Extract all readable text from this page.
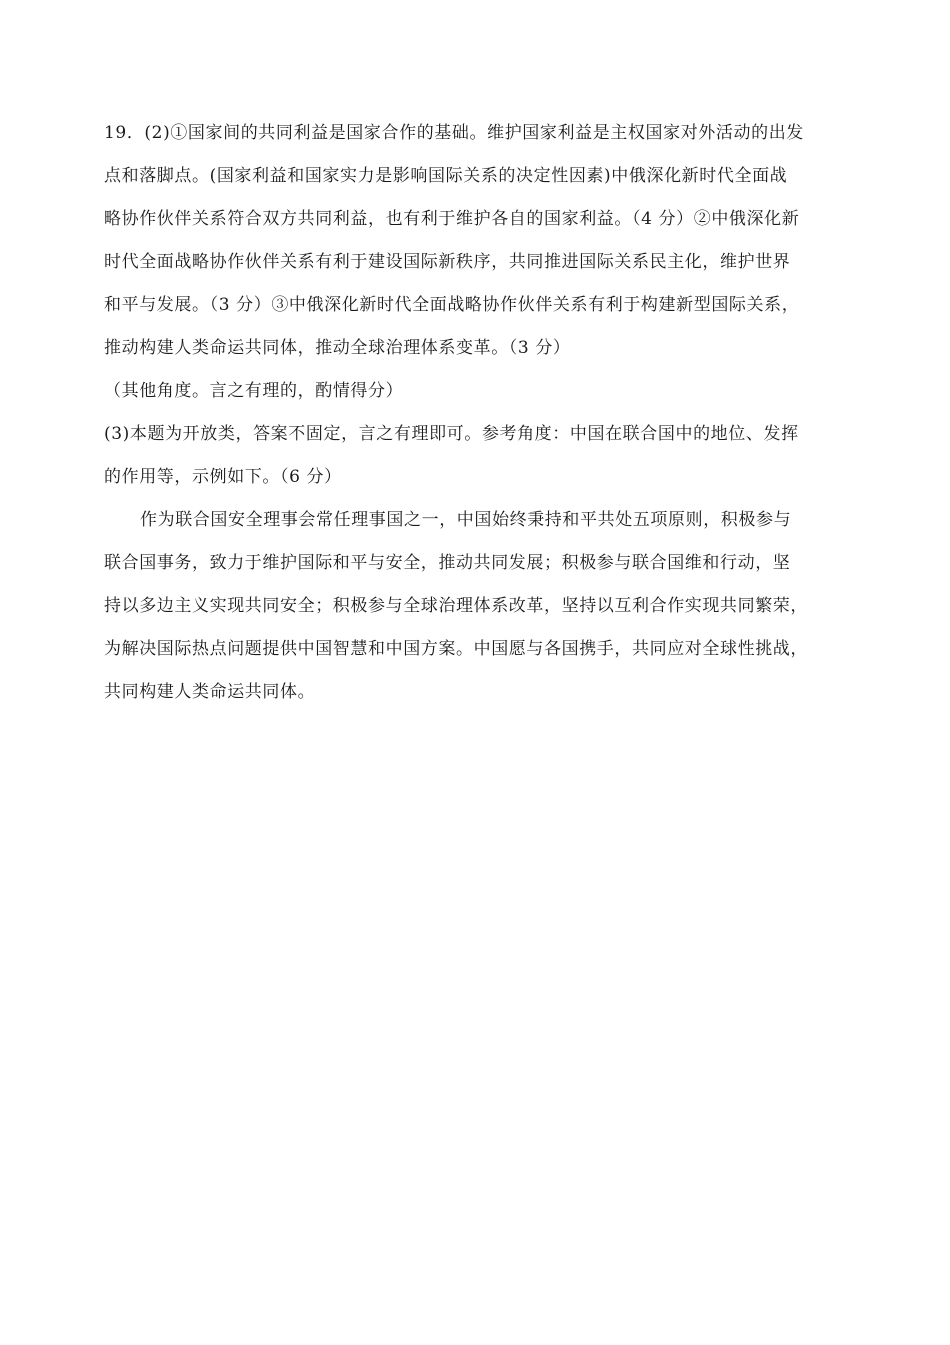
19．(2)①国家间的共同利益是国家合作的基础。维护国家利益是主权国家对外活动的出发
点和落脚点。(国家利益和国家实力是影响国际关系的决定性因素)中俄深化新时代全面战
略协作伙伴关系符合双方共同利益，也有利于维护各自的国家利益。（4 分）②中俄深化新
时代全面战略协作伙伴关系有利于建设国际新秩序，共同推进国际关系民主化，维护世界
和平与发展。（3 分）③中俄深化新时代全面战略协作伙伴关系有利于构建新型国际关系，
推动构建人类命运共同体，推动全球治理体系变革。（3 分）
（其他角度。言之有理的，酌情得分）
(3)本题为开放类，答案不固定，言之有理即可。参考角度：中国在联合国中的地位、发挥
的作用等，示例如下。（6 分）
作为联合国安全理事会常任理事国之一，中国始终秉持和平共处五项原则，积极参与
联合国事务，致力于维护国际和平与安全，推动共同发展；积极参与联合国维和行动，坚
持以多边主义实现共同安全；积极参与全球治理体系改革，坚持以互利合作实现共同繁荣，
为解决国际热点问题提供中国智慧和中国方案。中国愿与各国携手，共同应对全球性挑战，
共同构建人类命运共同体。
